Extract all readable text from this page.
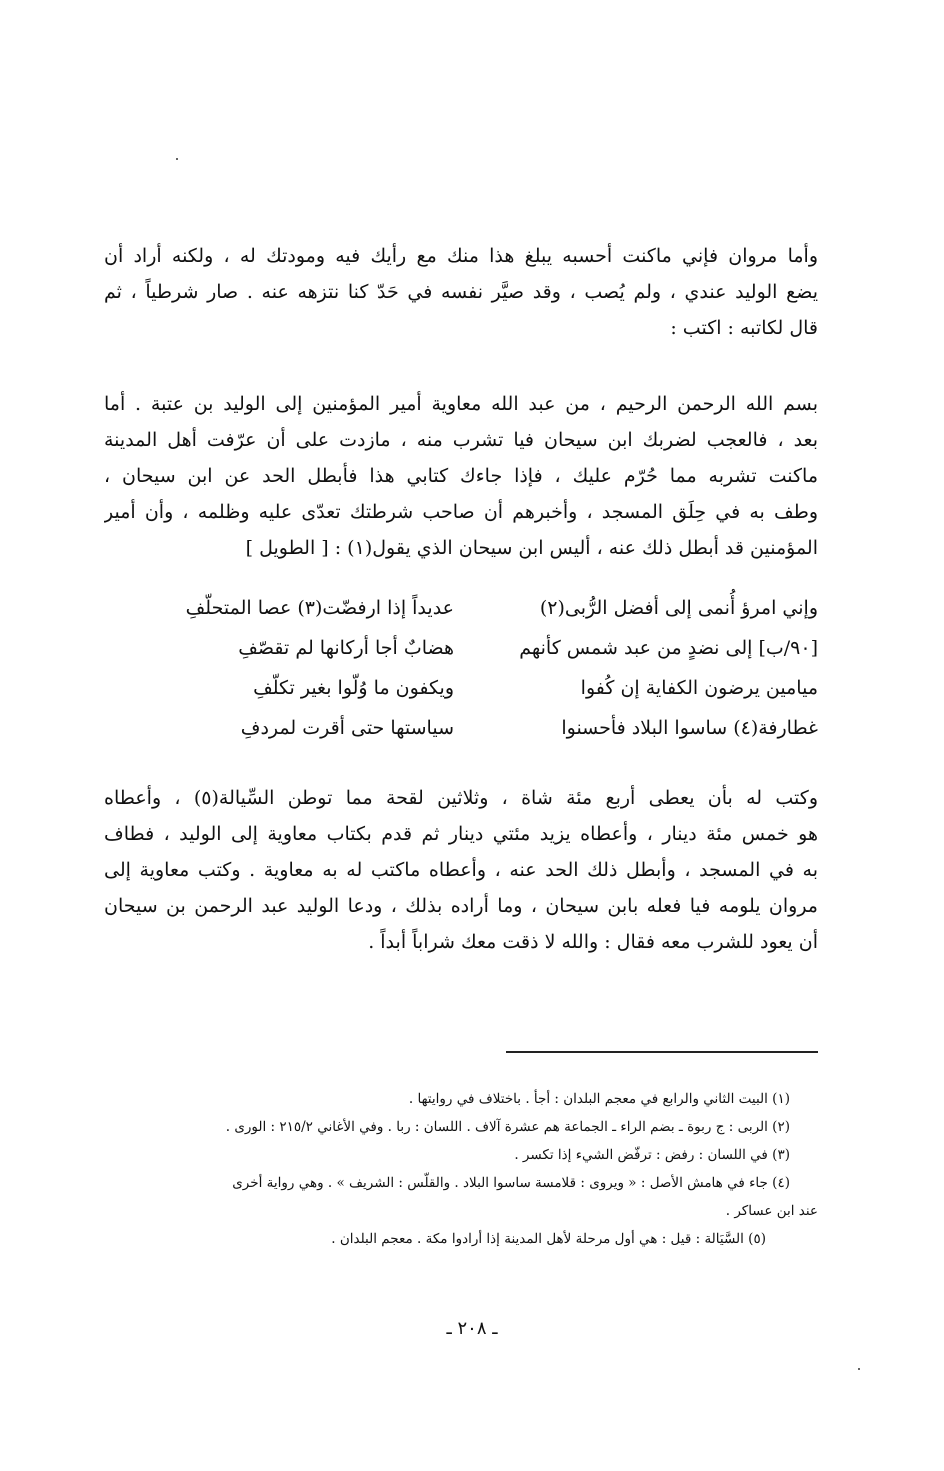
وأما مروان فإني ماكنت أحسبه يبلغ هذا منك مع رأيك فيه ومودتك له ، ولكنه أراد أن
يضع الوليد عندي ، ولم يُصب ، وقد صيَّر نفسه في حَدّ كنا نتزهه عنه . صار شرطياً ، ثم
قال لكاتبه : اكتب :
بسم الله الرحمن الرحيم ، من عبد الله معاوية أمير المؤمنين إلى الوليد بن عتبة . أما
بعد ، فالعجب لضربك ابن سيحان فيا تشرب منه ، مازدت على أن عرّفت أهل المدينة
ماكنت تشربه مما حُرّم عليك ، فإذا جاءك كتابي هذا فأبطل الحد عن ابن سيحان ،
وطف به في حِلَق المسجد ، وأخبرهم أن صاحب شرطتك تعدّى عليه وظلمه ، وأن أمير
المؤمنين قد أبطل ذلك عنه ، أليس ابن سيحان الذي يقول(١) : [ الطويل ]
وإني امرؤ أُنمى إلى أفضل الرُّبى(٢)
عديداً إذا ارفضّت(٣) عصا المتحلّفِ
[٩٠/ب] إلى نضدٍ من عبد شمس كأنهم
هضابٌ أجا أركانها لم تقصّفِ
ميامين يرضون الكفاية إن كُفوا
ويكفون ما وُلّوا بغير تكلّفِ
غطارفة(٤) ساسوا البلاد فأحسنوا
سياستها حتى أقرت لمردفِ
وكتب له بأن يعطى أربع مئة شاة ، وثلاثين لقحة مما توطن السِّيالة(٥) ، وأعطاه
هو خمس مئة دينار ، وأعطاه يزيد مئتي دينار ثم قدم بكتاب معاوية إلى الوليد ، فطاف
به في المسجد ، وأبطل ذلك الحد عنه ، وأعطاه ماكتب له به معاوية . وكتب معاوية إلى
مروان يلومه فيا فعله بابن سيحان ، وما أراده بذلك ، ودعا الوليد عبد الرحمن بن سيحان
أن يعود للشرب معه فقال : والله لا ذقت معك شراباً أبداً .
(١) البيت الثاني والرابع في معجم البلدان : أجأ . باختلاف في روايتها .
(٢) الربى : ج ربوة ـ بضم الراء ـ الجماعة هم عشرة آلاف . اللسان : ربا . وفي الأغاني ٢١٥/٢ : الورى .
(٣) في اللسان : رفض : ترفّض الشيء إذا تكسر .
(٤) جاء في هامش الأصل : « ويروى : قلامسة ساسوا البلاد . والقلّس : الشريف » . وهي رواية أخرى
عند ابن عساكر .
(٥) السَّيَالة : قيل : هي أول مرحلة لأهل المدينة إذا أرادوا مكة . معجم البلدان .
ـ ٢٠٨ ـ
